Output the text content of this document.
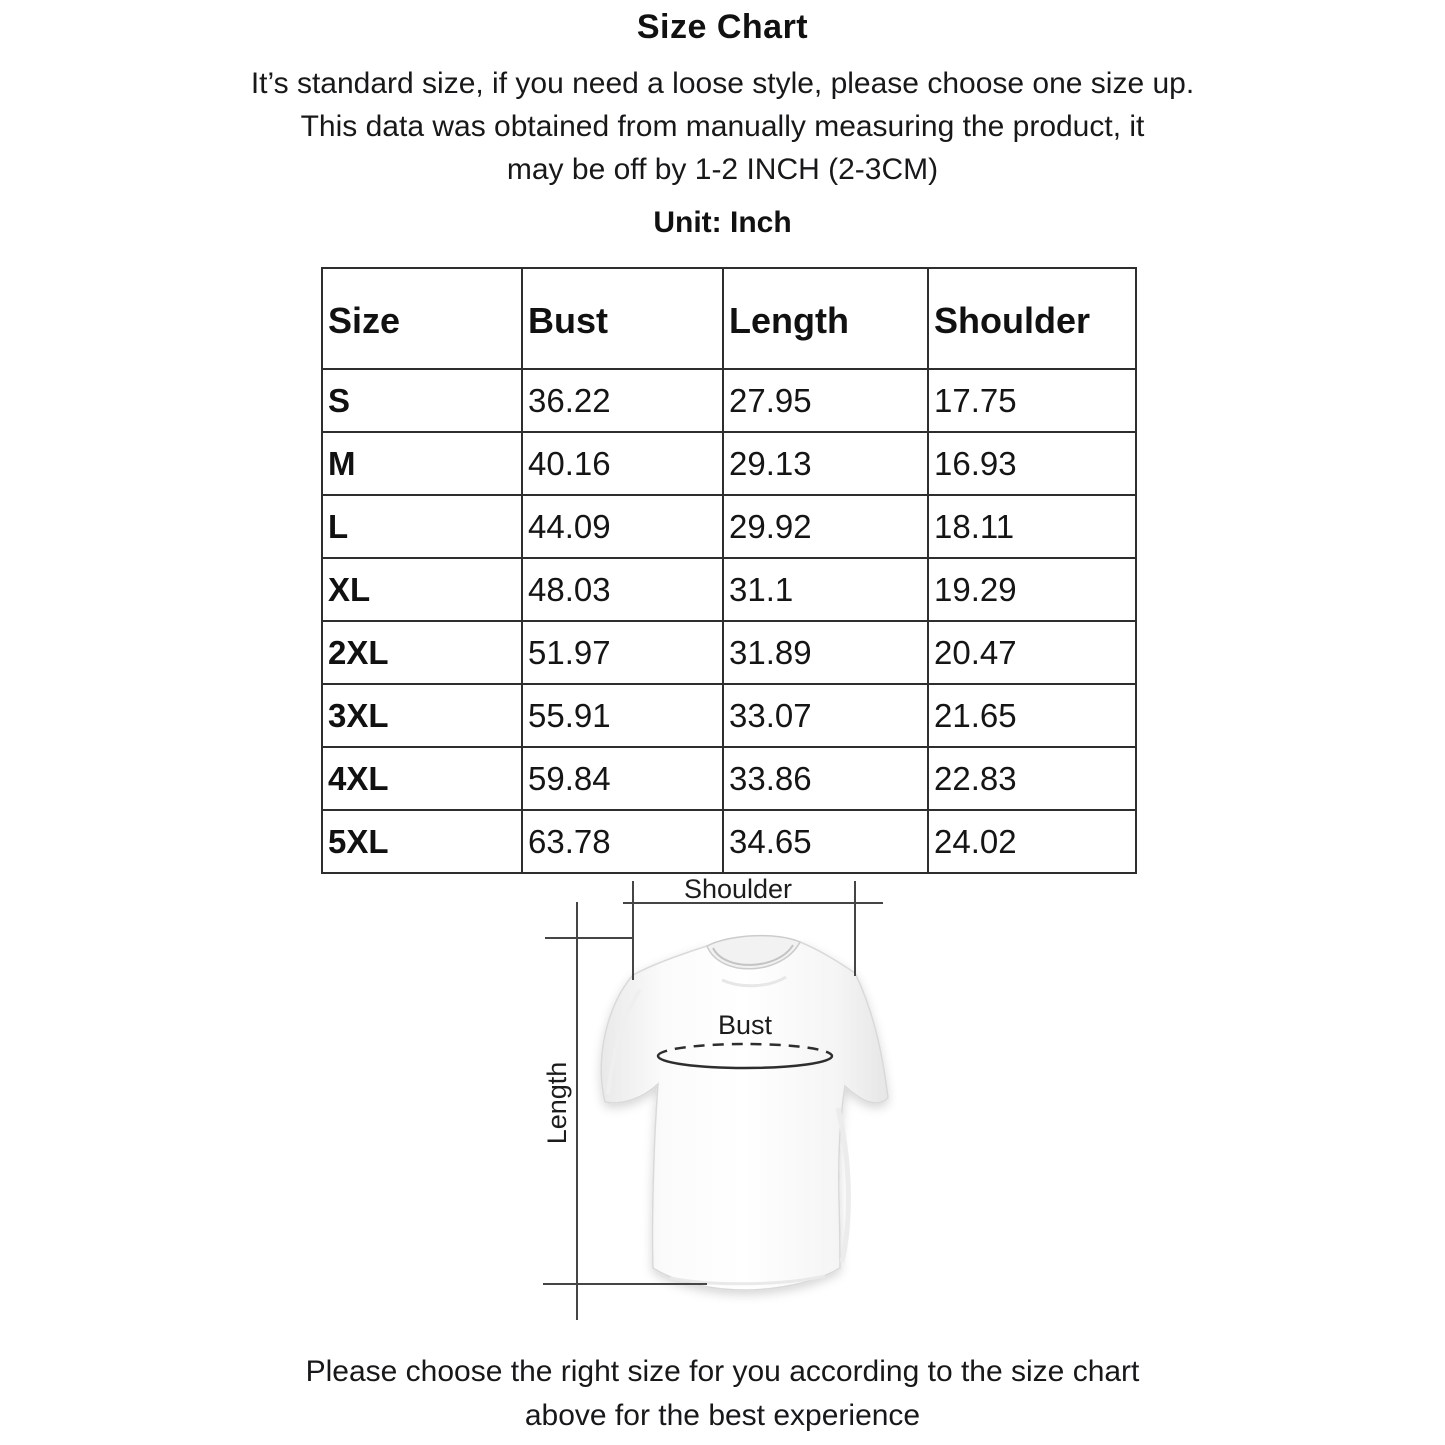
Size Chart
It’s standard size, if you need a loose style, please choose one size up.
This data was obtained from manually measuring the product, it
may be off by 1-2 INCH (2-3CM)
Unit: Inch
Size	Bust	Length	Shoulder
S	36.22	27.95	17.75
M	40.16	29.13	16.93
L	44.09	29.92	18.11
XL	48.03	31.1	19.29
2XL	51.97	31.89	20.47
3XL	55.91	33.07	21.65
4XL	59.84	33.86	22.83
5XL	63.78	34.65	24.02
Shoulder
Bust
Length
Please choose the right size for you according to the size chart
above for the best experience
